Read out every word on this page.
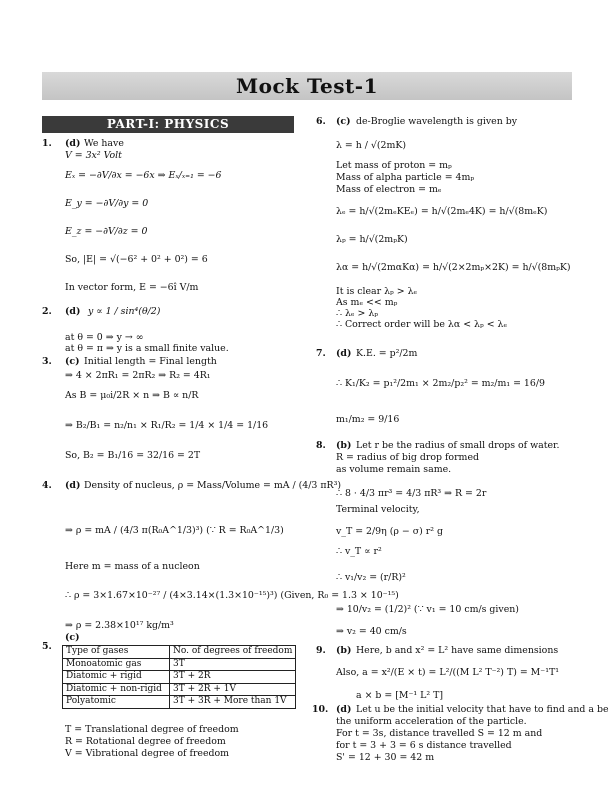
Mock Test-1
PART-I: PHYSICS
1. (d) We have
V = 3x² Volt
Eₓ = −∂V/∂x = −6x ⇒ Eₓ/ₓ₌₁ = −6
E_y = −∂V/∂y = 0
E_z = −∂V/∂z = 0
So, |E| = √(−6² + 0² + 0²) = 6
In vector form, E = −6î V/m
2. (d) y ∝ 1 / sin⁴(θ/2)
at θ = 0 ⇒ y → ∞
at θ = π ⇒ y is a small finite value.
3. (c) Initial length = Final length
⇒ 4 × 2πR₁ = 2πR₂ ⇒ R₂ = 4R₁
As B = μ₀i/2R × n ⇒ B ∝ n/R
⇒ B₂/B₁ = n₂/n₁ × R₁/R₂ = 1/4 × 1/4 = 1/16
So, B₂ = B₁/16 = 32/16 = 2T
4. (d) Density of nucleus, ρ = Mass/Volume = mA / (4/3 πR³)
⇒ ρ = mA / (4/3 π(R₀A^1/3)³) (∵ R = R₀A^1/3)
Here m = mass of a nucleon
∴ ρ = 3×1.67×10⁻²⁷ / (4×3.14×(1.3×10⁻¹⁵)³) (Given, R₀ = 1.3 × 10⁻¹⁵)
⇒ ρ = 2.38×10¹⁷ kg/m³
5.
(c)
Type of gases	No. of degrees of freedom
Monoatomic gas	3T
Diatomic + rigid	3T + 2R
Diatomic + non-rigid	3T + 2R + 1V
Polyatomic	3T + 3R + More than 1V
T = Translational degree of freedom
R = Rotational degree of freedom
V = Vibrational degree of freedom
6. (c) de-Broglie wavelength is given by
λ = h / √(2mK)
Let mass of proton = mₚ
Mass of alpha particle = 4mₚ
Mass of electron = mₑ
λₑ = h/√(2mₑKEₑ) = h/√(2mₑ4K) = h/√(8mₑK)
λₚ = h/√(2mₚK)
λα = h/√(2mαKα) = h/√(2×2mₚ×2K) = h/√(8mₚK)
It is clear λₚ > λₑ
As mₑ << mₚ
∴ λₑ > λₚ
∴ Correct order will be λα < λₚ < λₑ
7. (d) K.E. = p²/2m
∴ K₁/K₂ = p₁²/2m₁ × 2m₂/p₂² = m₂/m₁ = 16/9
m₁/m₂ = 9/16
8. (b) Let r be the radius of small drops of water.
R = radius of big drop formed
as volume remain same.
∴ 8 · 4/3 πr³ = 4/3 πR³ ⇒ R = 2r
Terminal velocity,
v_T = 2/9η (ρ − σ) r² g
∴ v_T ∝ r²
∴ v₁/v₂ = (r/R)²
⇒ 10/v₂ = (1/2)² (∵ v₁ = 10 cm/s given)
⇒ v₂ = 40 cm/s
9. (b) Here, b and x² = L² have same dimensions
Also, a = x²/(E × t) = L²/((M L² T⁻²) T) = M⁻¹T¹
a × b = [M⁻¹ L² T]
10. (d) Let u be the initial velocity that have to find and a be
the uniform acceleration of the particle.
For t = 3s, distance travelled S = 12 m and
for t = 3 + 3 = 6 s distance travelled
S' = 12 + 30 = 42 m
